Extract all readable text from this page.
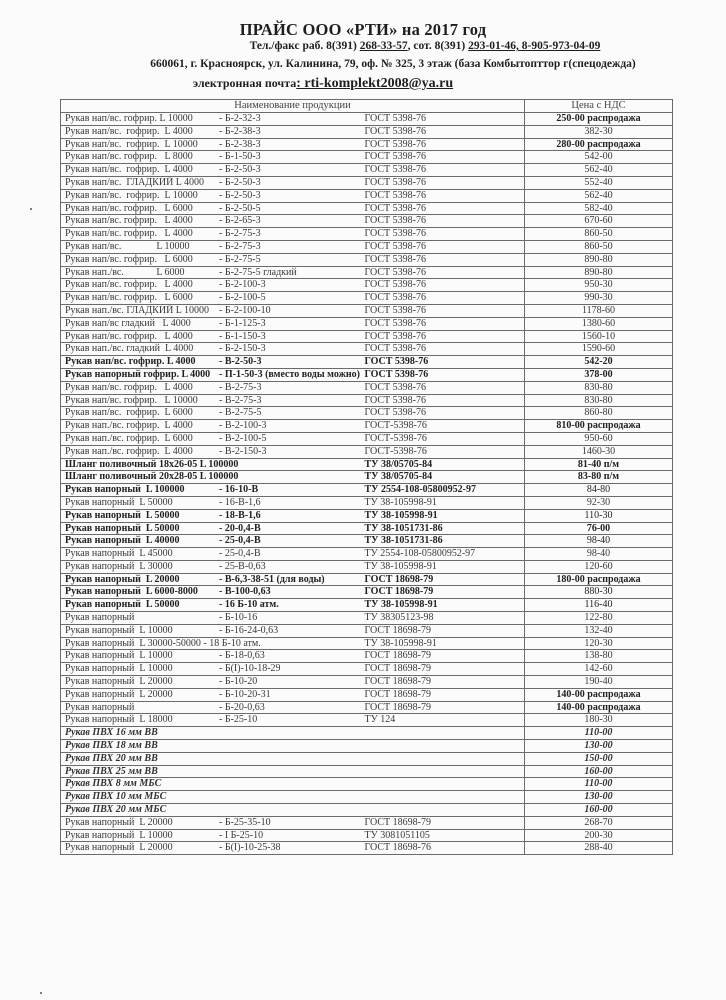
ПРАЙС ООО «РТИ» на 2017 год
Тел./факс раб. 8(391) 268-33-57, сот. 8(391) 293-01-46, 8-905-973-04-09
660061, г. Красноярск, ул. Калинина, 79, оф. № 325, 3 этаж (база Комбытопттор г(спецодежда)
электронная почта: rti-komplekt2008@ya.ru
Наименование продукции		Цена с НДС
Рукав нап/вс. гофрир. L 10000 - Б-2-32-3	ГОСТ 5398-76	250-00 распродажа
Рукав нап/вс.  гофрир.  L 4000 - Б-2-38-3	ГОСТ 5398-76	382-30
Рукав нап/вс.  гофрир.  L 10000 - Б-2-38-3	ГОСТ 5398-76	280-00 распродажа
Рукав нап/вс. гофрир.   L 8000 - Б-1-50-3	ГОСТ 5398-76	542-00
Рукав нап/вс.  гофрир.  L 4000 - Б-2-50-3	ГОСТ 5398-76	562-40
Рукав нап/вс.  ГЛАДКИЙ L 4000 - Б-2-50-3	ГОСТ 5398-76	552-40
Рукав нап/вс.  гофрир.  L 10000 - Б-2-50-3	ГОСТ 5398-76	562-40
Рукав нап/вс. гофрир.   L 6000 - Б-2-50-5	ГОСТ 5398-76	582-40
Рукав нап/вс. гофрир.   L 4000 - Б-2-65-3	ГОСТ 5398-76	670-60
Рукав нап/вс. гофрир.   L 4000 - Б-2-75-3	ГОСТ 5398-76	860-50
Рукав нап/вс.              L 10000 - Б-2-75-3	ГОСТ 5398-76	860-50
Рукав нап/вс. гофрир.   L 6000 - Б-2-75-5	ГОСТ 5398-76	890-80
Рукав нап./вс.             L 6000 - Б-2-75-5 гладкий	ГОСТ 5398-76	890-80
Рукав нап/вс. гофрир.   L 4000 - Б-2-100-3	ГОСТ 5398-76	950-30
Рукав нап/вс. гофрир.   L 6000 - Б-2-100-5	ГОСТ 5398-76	990-30
Рукав нап./вс. ГЛАДКИЙ L 10000 - Б-2-100-10	ГОСТ 5398-76	1178-60
Рукав нап/вс гладкий   L 4000 - Б-1-125-3	ГОСТ 5398-76	1380-60
Рукав нап/вс. гофрир.   L 4000 - Б-1-150-3	ГОСТ 5398-76	1560-10
Рукав нап./вс. гладкий  L 4000 - Б-2-150-3	ГОСТ 5398-76	1590-60
Рукав нап/вс. гофрир. L 4000 - В-2-50-3	ГОСТ 5398-76	542-20
Рукав напорный гофрир. L 4000 - П-1-50-3 (вместо воды можно)	ГОСТ 5398-76	378-00
Рукав нап/вс. гофрир.   L 4000 - В-2-75-3	ГОСТ 5398-76	830-80
Рукав нап/вс. гофрир.   L 10000 - В-2-75-3	ГОСТ 5398-76	830-80
Рукав нап/вс.  гофрир.  L 6000 - В-2-75-5	ГОСТ 5398-76	860-80
Рукав нап./вс. гофрир.  L 4000 - В-2-100-3	ГОСТ-5398-76	810-00 распродажа
Рукав нап./вс. гофрир.  L 6000 - В-2-100-5	ГОСТ-5398-76	950-60
Рукав нап./вс. гофрир.  L 4000 - В-2-150-3	ГОСТ-5398-76	1460-30
Шланг поливочный 18х26-05 L 100000	ТУ 38/05705-84	81-40 п/м
Шланг поливочный 20х28-05 L 100000	ТУ 38/05705-84	83-80 п/м
Рукав напорный  L 100000 - 16-10-В	ТУ 2554-108-05800952-97	84-80
Рукав напорный  L 50000 - 16-В-1,6	ТУ 38-105998-91	92-30
Рукав напорный  L 50000 - 18-В-1,6	ТУ 38-105998-91	110-30
Рукав напорный  L 50000 - 20-0,4-В	ТУ 38-1051731-86	76-00
Рукав напорный  L 40000 - 25-0,4-В	ТУ 38-1051731-86	98-40
Рукав напорный  L 45000 - 25-0,4-В	ТУ 2554-108-05800952-97	98-40
Рукав напорный  L 30000 - 25-В-0,63	ТУ 38-105998-91	120-60
Рукав напорный  L 20000 - В-6,3-38-51 (для воды)	ГОСТ 18698-79	180-00 распродажа
Рукав напорный  L 6000-8000 - В-100-0,63	ГОСТ 18698-79	880-30
Рукав напорный  L 50000 - 16 Б-10 атм.	ТУ 38-105998-91	116-40
Рукав напорный - Б-10-16	ТУ 38305123-98	122-80
Рукав напорный  L 10000 - Б-16-24-0,63	ГОСТ 18698-79	132-40
Рукав напорный  L 30000-50000 - 18 Б-10 атм.	ТУ 38-105998-91	120-30
Рукав напорный  L 10000 - Б-18-0,63	ГОСТ 18698-79	138-80
Рукав напорный  L 10000 - Б(I)-10-18-29	ГОСТ 18698-79	142-60
Рукав напорный  L 20000 - Б-10-20	ГОСТ 18698-79	190-40
Рукав напорный  L 20000 - Б-10-20-31	ГОСТ 18698-79	140-00 распродажа
Рукав напорный - Б-20-0,63	ГОСТ 18698-79	140-00 распродажа
Рукав напорный  L 18000 - Б-25-10	ТУ 124	180-30
Рукав ПВХ 16 мм ВВ		110-00
Рукав ПВХ 18 мм ВВ		130-00
Рукав ПВХ 20 мм ВВ		150-00
Рукав ПВХ 25 мм ВВ		160-00
Рукав ПВХ 8 мм МБС		110-00
Рукав ПВХ 10 мм МБС		130-00
Рукав ПВХ 20 мм МБС		160-00
Рукав напорный  L 20000 - Б-25-35-10	ГОСТ 18698-79	268-70
Рукав напорный  L 10000 - I Б-25-10	ТУ 3081051105	200-30
Рукав напорный  L 20000 - Б(I)-10-25-38	ГОСТ 18698-76	288-40
